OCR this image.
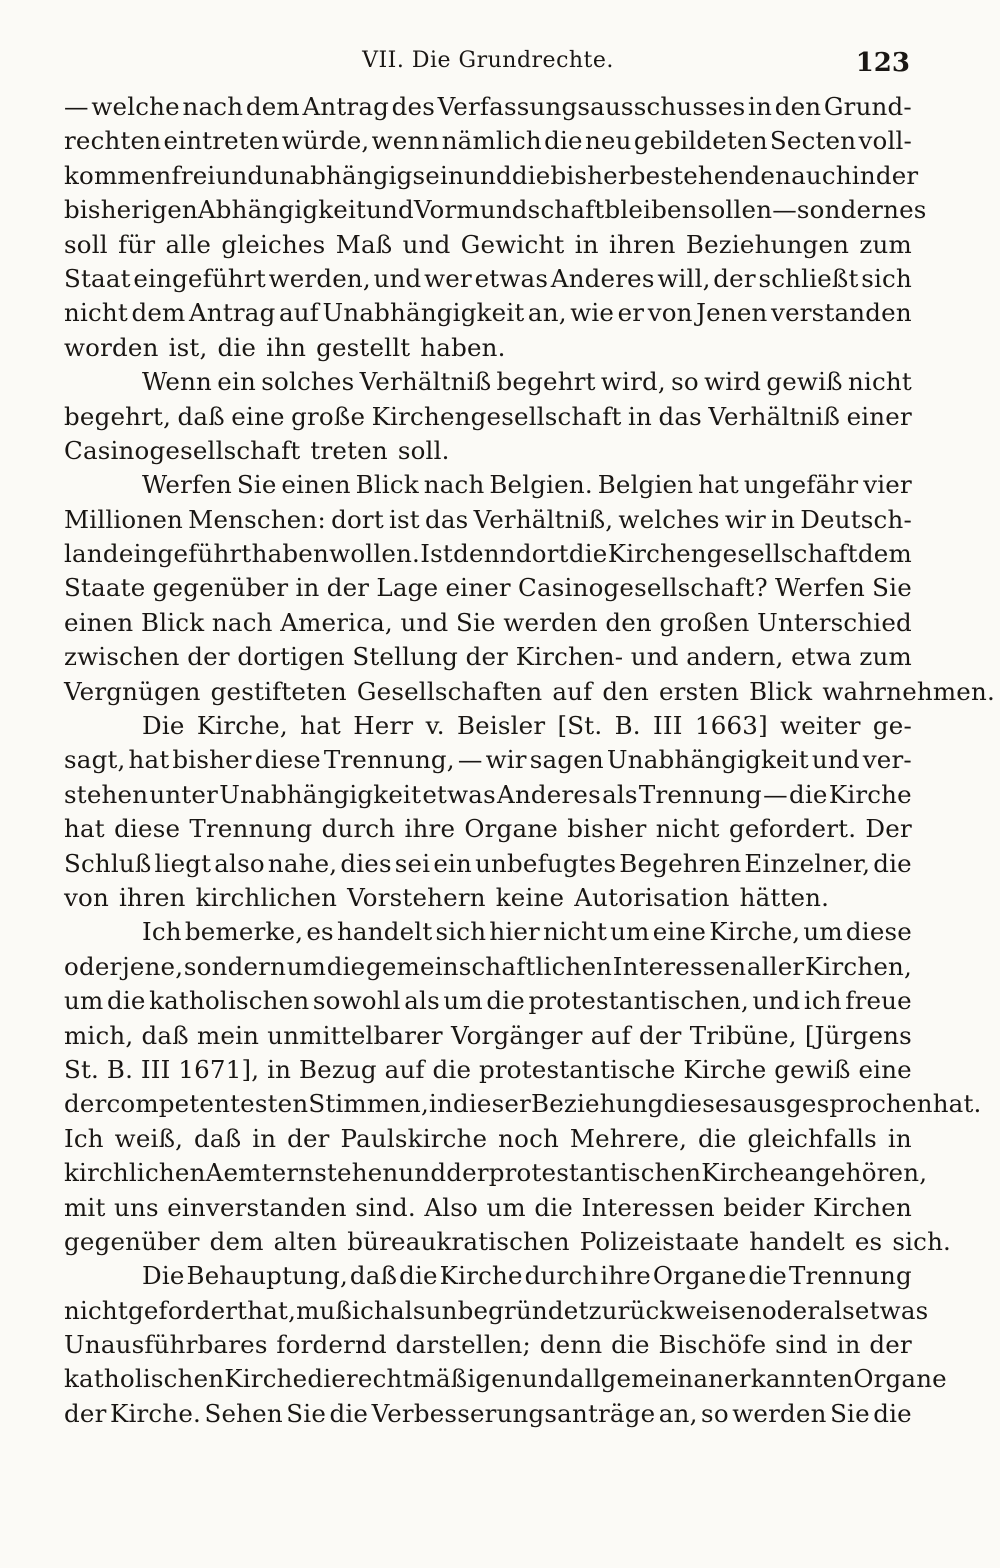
VII. Die Grundrechte.	123
— welche nach dem Antrag des Verfassungsausschusses in den Grund-
rechten eintreten würde, wenn nämlich die neu gebildeten Secten voll-
kommen frei und unabhängig sein und die bisher bestehenden auch in der
bisherigen Abhängigkeit und Vormundschaft bleiben sollen — sondern es
soll für alle gleiches Maß und Gewicht in ihren Beziehungen zum
Staat eingeführt werden, und wer etwas Anderes will, der schließt sich
nicht dem Antrag auf Unabhängigkeit an, wie er von Jenen verstanden
worden ist, die ihn gestellt haben.
Wenn ein solches Verhältniß begehrt wird, so wird gewiß nicht
begehrt, daß eine große Kirchengesellschaft in das Verhältniß einer
Casinogesellschaft treten soll.
Werfen Sie einen Blick nach Belgien. Belgien hat ungefähr vier
Millionen Menschen: dort ist das Verhältniß, welches wir in Deutsch-
land eingeführt haben wollen. Ist denn dort die Kirchengesellschaft dem
Staate gegenüber in der Lage einer Casinogesellschaft? Werfen Sie
einen Blick nach America, und Sie werden den großen Unterschied
zwischen der dortigen Stellung der Kirchen- und andern, etwa zum
Vergnügen gestifteten Gesellschaften auf den ersten Blick wahrnehmen.
Die Kirche, hat Herr v. Beisler [St. B. III 1663] weiter ge-
sagt, hat bisher diese Trennung, — wir sagen Unabhängigkeit und ver-
stehen unter Unabhängigkeit etwas Anderes als Trennung — die Kirche
hat diese Trennung durch ihre Organe bisher nicht gefordert. Der
Schluß liegt also nahe, dies sei ein unbefugtes Begehren Einzelner, die
von ihren kirchlichen Vorstehern keine Autorisation hätten.
Ich bemerke, es handelt sich hier nicht um eine Kirche, um diese
oder jene, sondern um die gemeinschaftlichen Interessen aller Kirchen,
um die katholischen sowohl als um die protestantischen, und ich freue
mich, daß mein unmittelbarer Vorgänger auf der Tribüne, [Jürgens
St. B. III 1671], in Bezug auf die protestantische Kirche gewiß eine
der competentesten Stimmen, in dieser Beziehung dieses ausgesprochen hat.
Ich weiß, daß in der Paulskirche noch Mehrere, die gleichfalls in
kirchlichen Aemtern stehen und der protestantischen Kirche angehören,
mit uns einverstanden sind. Also um die Interessen beider Kirchen
gegenüber dem alten büreaukratischen Polizeistaate handelt es sich.
Die Behauptung, daß die Kirche durch ihre Organe die Trennung
nicht gefordert hat, muß ich als unbegründet zurückweisen oder als etwas
Unausführbares fordernd darstellen; denn die Bischöfe sind in der
katholischen Kirche die rechtmäßigen und allgemein anerkannten Organe
der Kirche. Sehen Sie die Verbesserungsanträge an, so werden Sie die
